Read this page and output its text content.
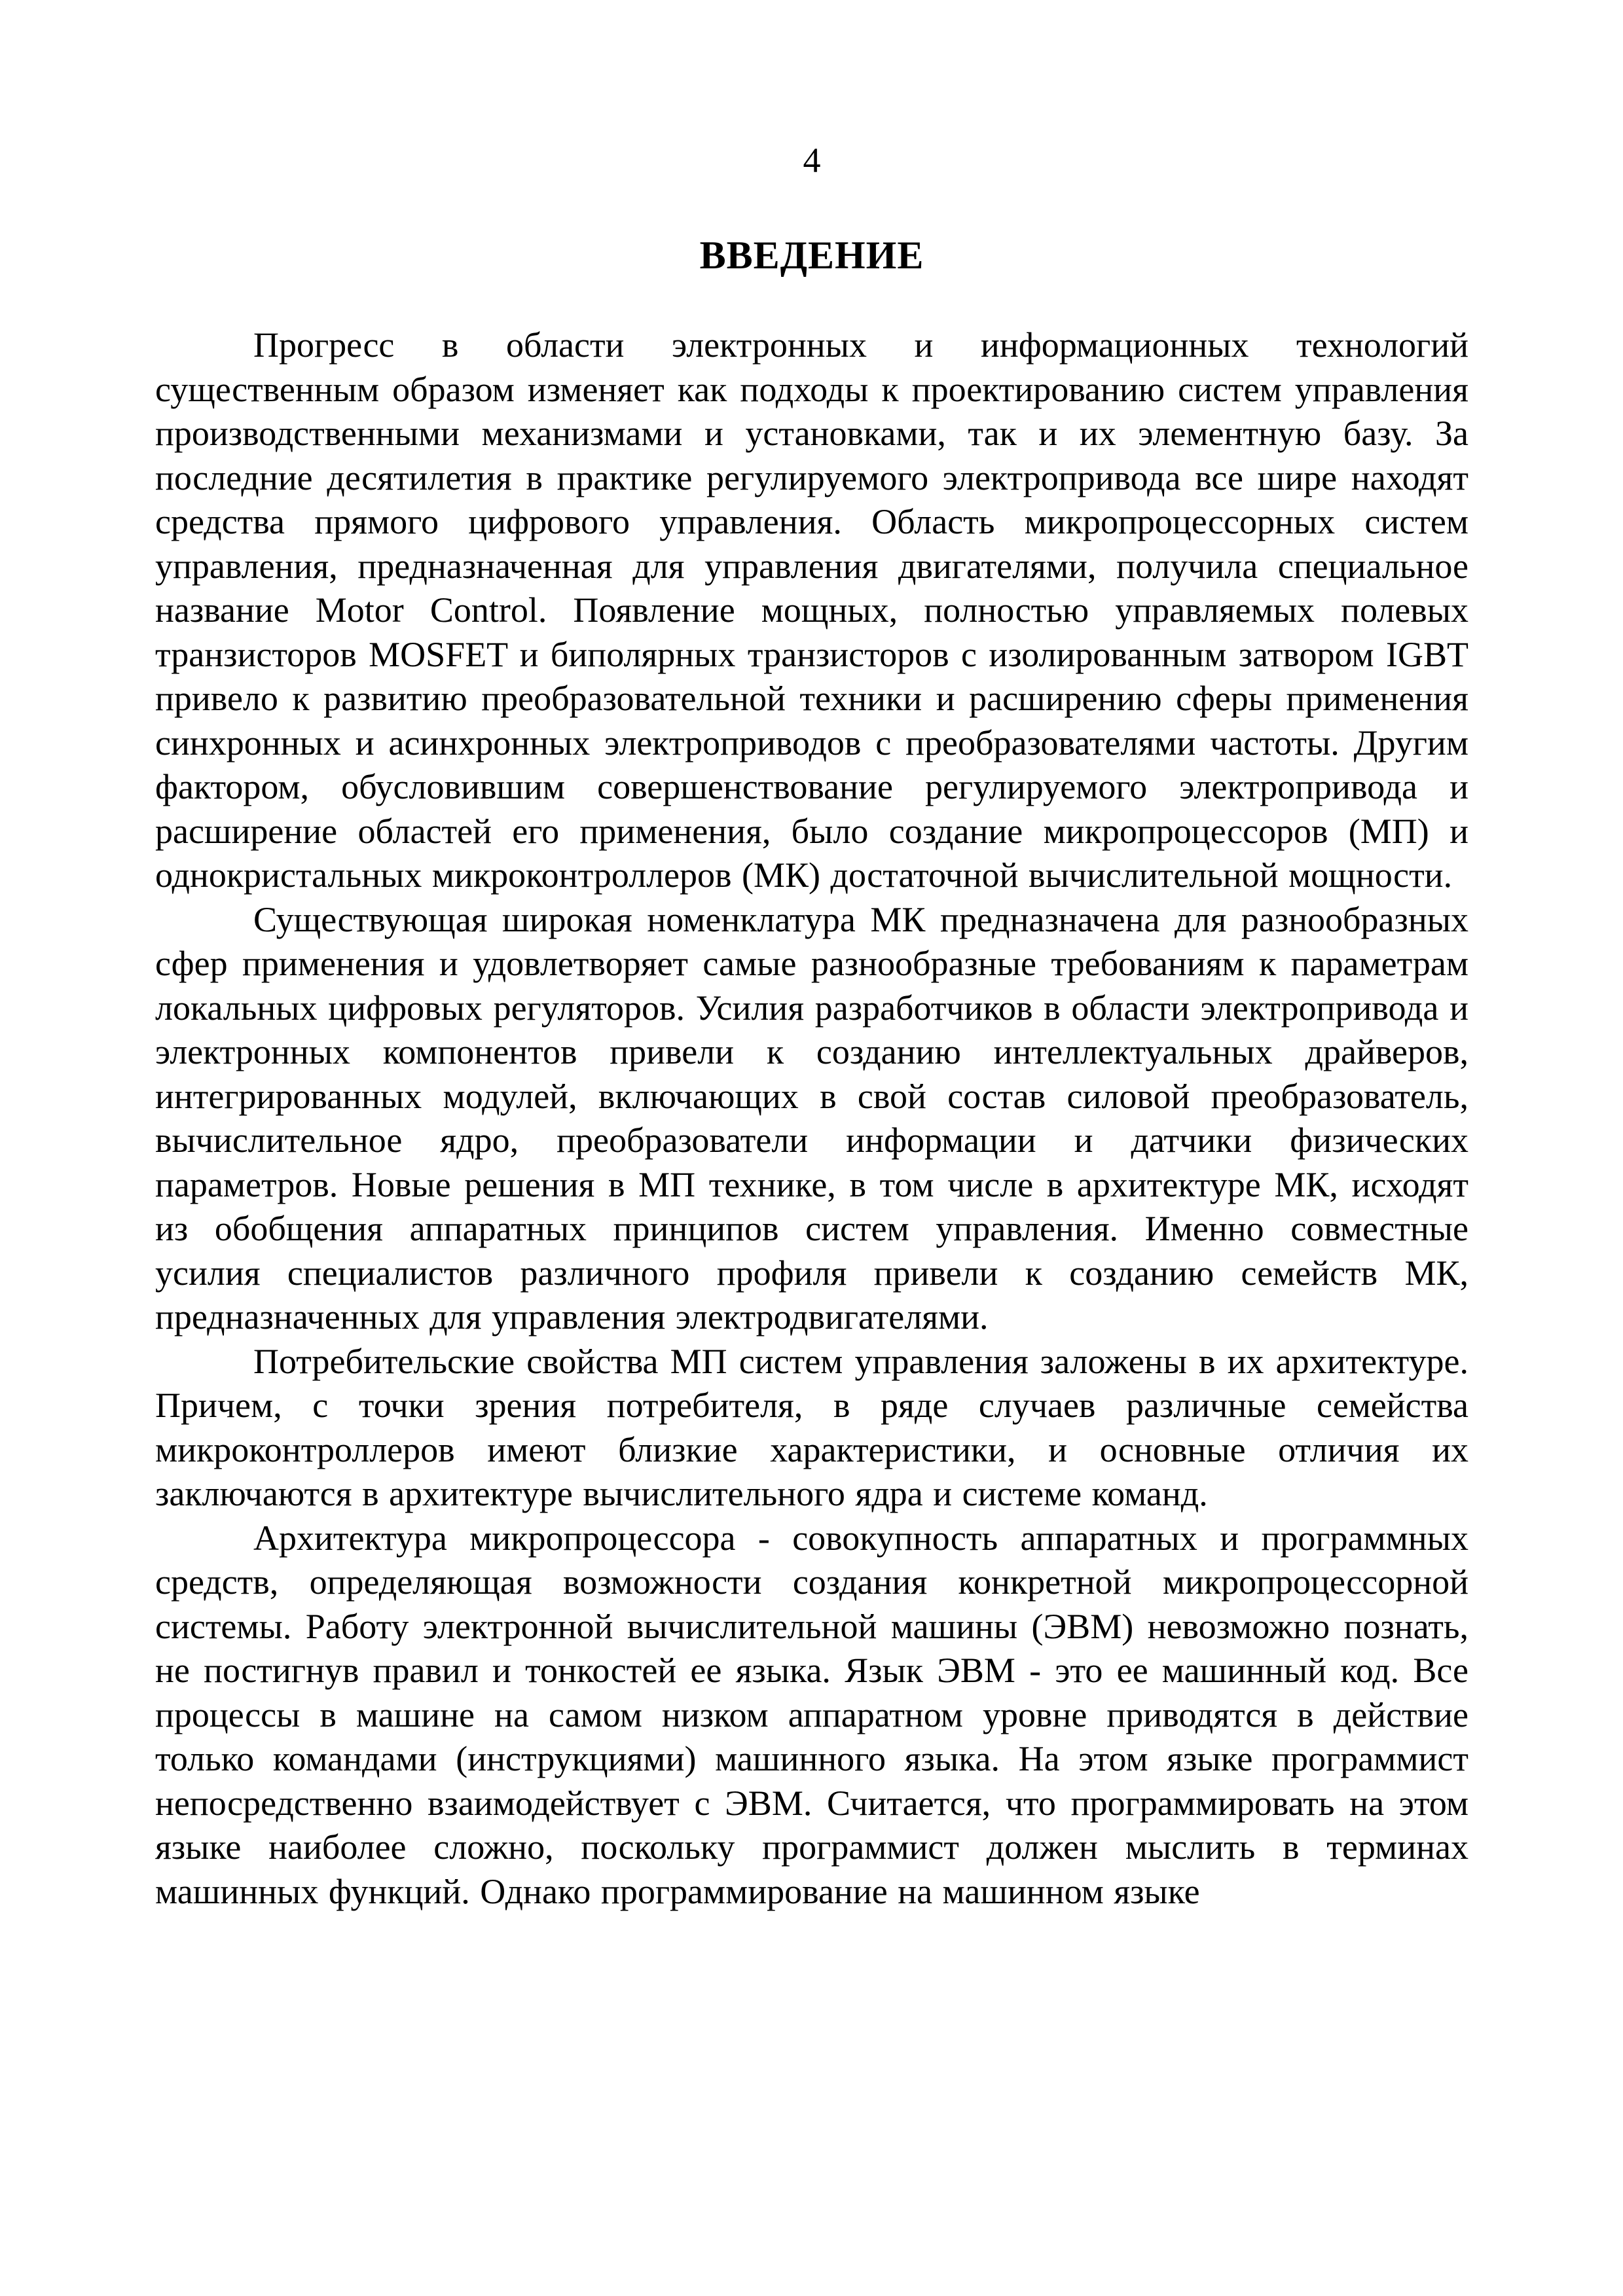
4
ВВЕДЕНИЕ

Прогресс в области электронных и информационных технологий существенным образом изменяет как подходы к проектированию систем управления производственными механизмами и установками, так и их элементную базу. За последние десятилетия в практике регулируемого электропривода все шире находят средства прямого цифрового управления. Область микропроцессорных систем управления, предназначенная для управления двигателями, получила специальное название Motor Control. Появление мощных, полностью управляемых полевых транзисторов MOSFET и биполярных транзисторов с изолированным затвором IGBT привело к развитию преобразовательной техники и расширению сферы применения синхронных и асинхронных электроприводов с преобразователями частоты. Другим фактором, обусловившим совершенствование регулируемого электропривода и расширение областей его применения, было создание микропроцессоров (МП) и однокристальных микроконтроллеров (МК) достаточной вычислительной мощности.

Существующая широкая номенклатура МК предназначена для разнообразных сфер применения и удовлетворяет самые разнообразные требованиям к параметрам локальных цифровых регуляторов. Усилия разработчиков в области электропривода и электронных компонентов привели к созданию интеллектуальных драйверов, интегрированных модулей, включающих в свой состав силовой преобразователь, вычислительное ядро, преобразователи информации и датчики физических параметров. Новые решения в МП технике, в том числе в архитектуре МК, исходят из обобщения аппаратных принципов систем управления. Именно совместные усилия специалистов различного профиля привели к созданию семейств МК, предназначенных для управления электродвигателями.

Потребительские свойства МП систем управления заложены в их архитектуре. Причем, с точки зрения потребителя, в ряде случаев различные семейства микроконтроллеров имеют близкие характеристики, и основные отличия их заключаются в архитектуре вычислительного ядра и системе команд.

Архитектура микропроцессора - совокупность аппаратных и программных средств, определяющая возможности создания конкретной микропроцессорной системы. Работу электронной вычислительной машины (ЭВМ) невозможно познать, не постигнув правил и тонкостей ее языка. Язык ЭВМ - это ее машинный код. Все процессы в машине на самом низком аппаратном уровне приводятся в действие только командами (инструкциями) машинного языка. На этом языке программист непосредственно взаимодействует с ЭВМ. Считается, что программировать на этом языке наиболее сложно, поскольку программист должен мыслить в терминах машинных функций. Однако программирование на машинном языке
